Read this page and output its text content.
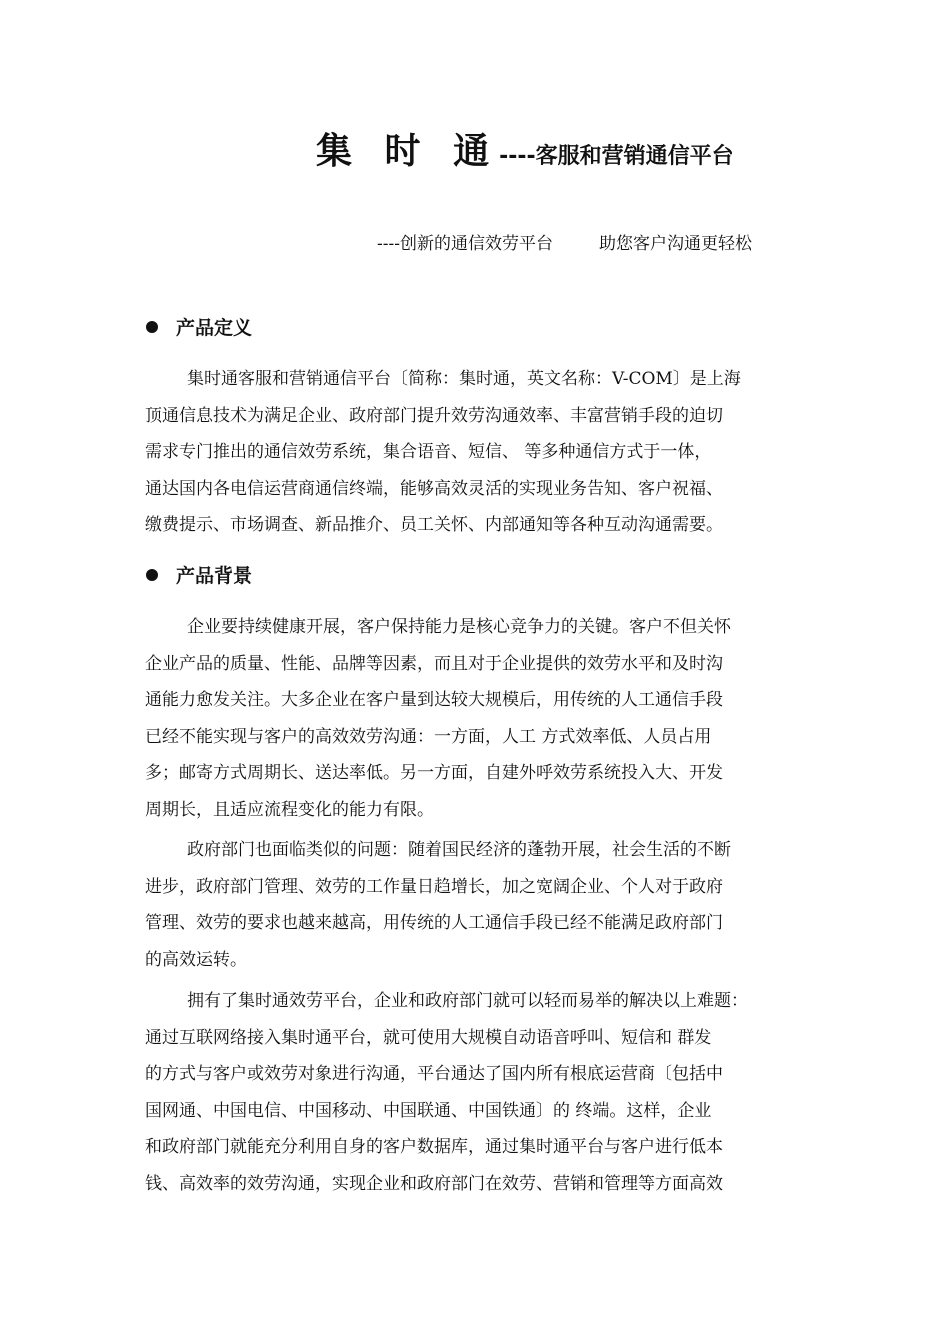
集 时 通----客服和营销通信平台
----创新的通信效劳平台	助您客户沟通更轻松
产品定义
集时通客服和营销通信平台〔简称：集时通，英文名称：V-COM〕是上海
顶通信息技术为满足企业、政府部门提升效劳沟通效率、丰富营销手段的迫切
需求专门推出的通信效劳系统，集合语音、短信、 等多种通信方式于一体，
通达国内各电信运营商通信终端，能够高效灵活的实现业务告知、客户祝福、
缴费提示、市场调查、新品推介、员工关怀、内部通知等各种互动沟通需要。
产品背景
企业要持续健康开展，客户保持能力是核心竞争力的关键。客户不但关怀
企业产品的质量、性能、品牌等因素，而且对于企业提供的效劳水平和及时沟
通能力愈发关注。大多企业在客户量到达较大规模后，用传统的人工通信手段
已经不能实现与客户的高效效劳沟通：一方面，人工 方式效率低、人员占用
多；邮寄方式周期长、送达率低。另一方面，自建外呼效劳系统投入大、开发
周期长，且适应流程变化的能力有限。
政府部门也面临类似的问题：随着国民经济的蓬勃开展，社会生活的不断
进步，政府部门管理、效劳的工作量日趋增长，加之宽阔企业、个人对于政府
管理、效劳的要求也越来越高，用传统的人工通信手段已经不能满足政府部门
的高效运转。
拥有了集时通效劳平台，企业和政府部门就可以轻而易举的解决以上难题：
通过互联网络接入集时通平台，就可使用大规模自动语音呼叫、短信和 群发
的方式与客户或效劳对象进行沟通，平台通达了国内所有根底运营商〔包括中
国网通、中国电信、中国移动、中国联通、中国铁通〕的 终端。这样，企业
和政府部门就能充分利用自身的客户数据库，通过集时通平台与客户进行低本
钱、高效率的效劳沟通，实现企业和政府部门在效劳、营销和管理等方面高效
